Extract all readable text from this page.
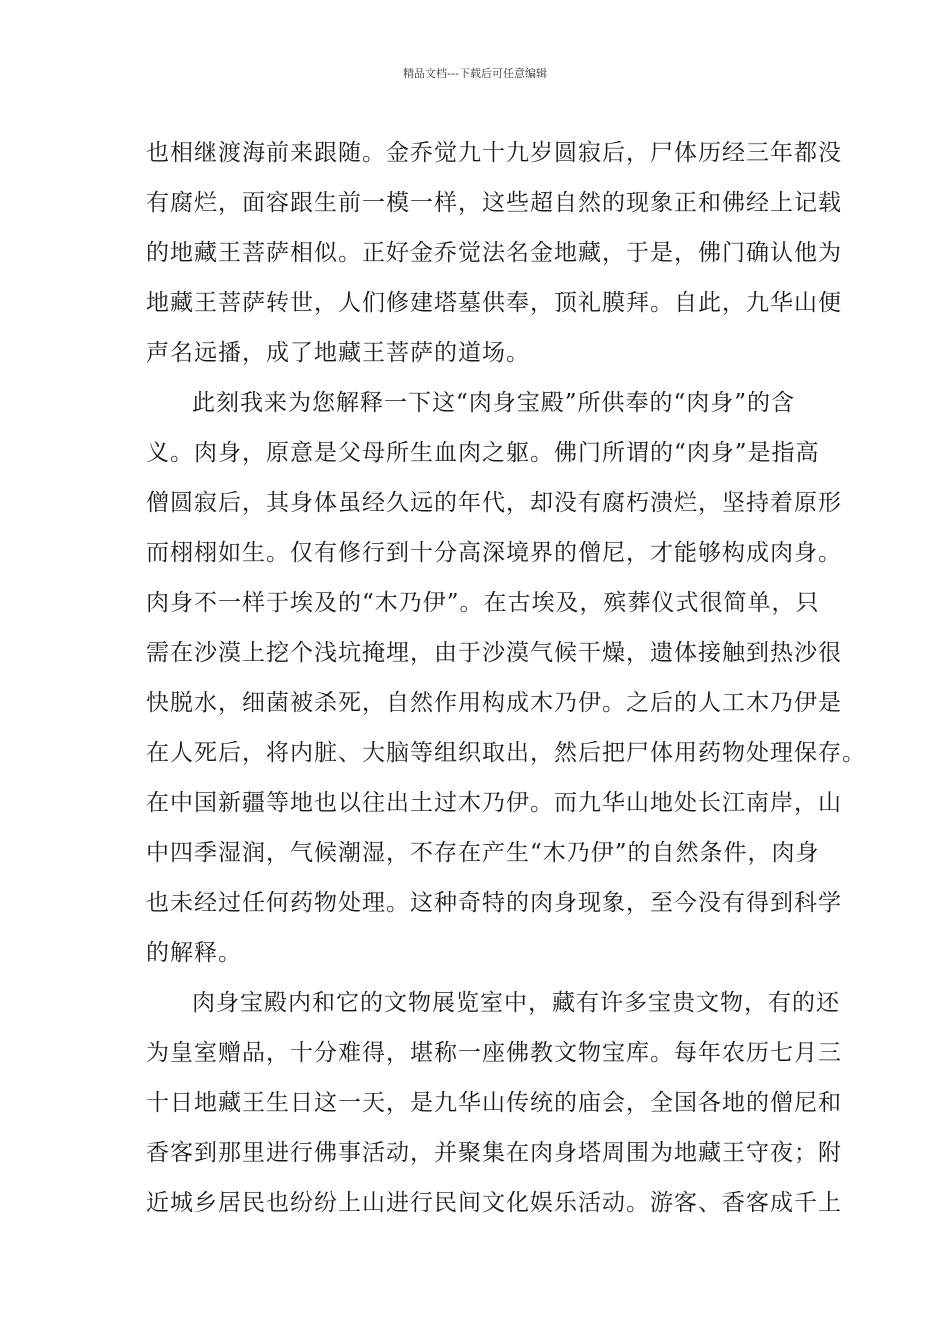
精品文档---下载后可任意编辑
也相继渡海前来跟随。金乔觉九十九岁圆寂后，尸体历经三年都没
有腐烂，面容跟生前一模一样，这些超自然的现象正和佛经上记载
的地藏王菩萨相似。正好金乔觉法名金地藏，于是，佛门确认他为
地藏王菩萨转世，人们修建塔墓供奉，顶礼膜拜。自此，九华山便
声名远播，成了地藏王菩萨的道场。
此刻我来为您解释一下这“肉身宝殿”所供奉的“肉身”的含
义。肉身，原意是父母所生血肉之躯。佛门所谓的“肉身”是指高
僧圆寂后，其身体虽经久远的年代，却没有腐朽溃烂，坚持着原形
而栩栩如生。仅有修行到十分高深境界的僧尼，才能够构成肉身。
肉身不一样于埃及的“木乃伊”。在古埃及，殡葬仪式很简单，只
需在沙漠上挖个浅坑掩埋，由于沙漠气候干燥，遗体接触到热沙很
快脱水，细菌被杀死，自然作用构成木乃伊。之后的人工木乃伊是
在人死后，将内脏、大脑等组织取出，然后把尸体用药物处理保存。
在中国新疆等地也以往出土过木乃伊。而九华山地处长江南岸，山
中四季湿润，气候潮湿，不存在产生“木乃伊”的自然条件，肉身
也未经过任何药物处理。这种奇特的肉身现象，至今没有得到科学
的解释。
肉身宝殿内和它的文物展览室中，藏有许多宝贵文物，有的还
为皇室赠品，十分难得，堪称一座佛教文物宝库。每年农历七月三
十日地藏王生日这一天，是九华山传统的庙会，全国各地的僧尼和
香客到那里进行佛事活动，并聚集在肉身塔周围为地藏王守夜；附
近城乡居民也纷纷上山进行民间文化娱乐活动。游客、香客成千上
